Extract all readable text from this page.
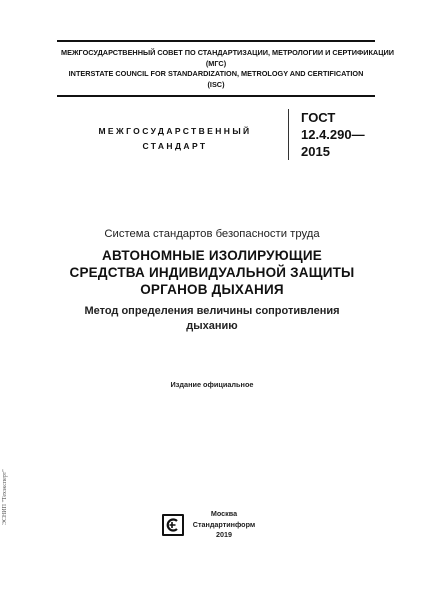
МЕЖГОСУДАРСТВЕННЫЙ СОВЕТ ПО СТАНДАРТИЗАЦИИ, МЕТРОЛОГИИ И СЕРТИФИКАЦИИ
(МГС)
INTERSTATE COUNCIL FOR STANDARDIZATION, METROLOGY AND CERTIFICATION
(ISC)
МЕЖГОСУДАРСТВЕННЫЙ
СТАНДАРТ
ГОСТ
12.4.290—
2015
Система стандартов безопасности труда
АВТОНОМНЫЕ ИЗОЛИРУЮЩИЕ
СРЕДСТВА ИНДИВИДУАЛЬНОЙ ЗАЩИТЫ
ОРГАНОВ ДЫХАНИЯ
Метод определения величины сопротивления
дыханию
Издание официальное
Москва
Стандартинформ
2019
ЭСНИП "Техэксперт"
